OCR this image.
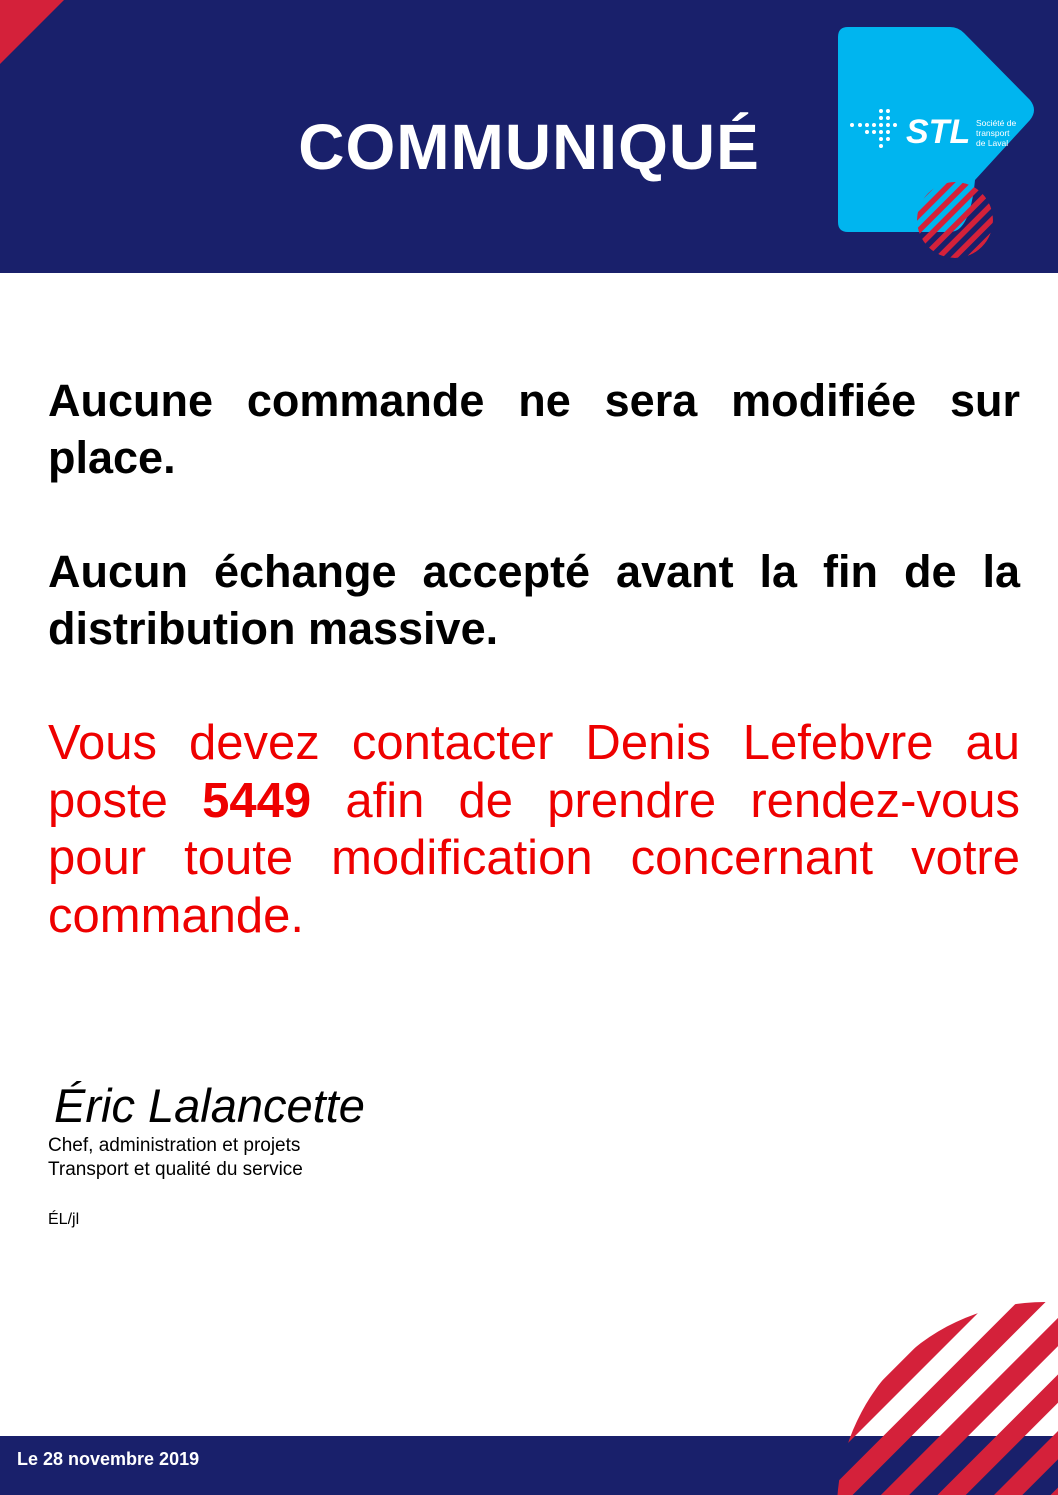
COMMUNIQUÉ	STL Société de
transport
de Laval
Aucune commande ne sera modifiée sur place.
Aucun échange accepté avant la fin de la distribution massive.
Vous devez contacter Denis Lefebvre au poste 5449 afin de prendre rendez-vous pour toute modification concernant votre commande.
Éric Lalancette
Chef, administration et projets
Transport et qualité du service
ÉL/jl
Le 28 novembre 2019
